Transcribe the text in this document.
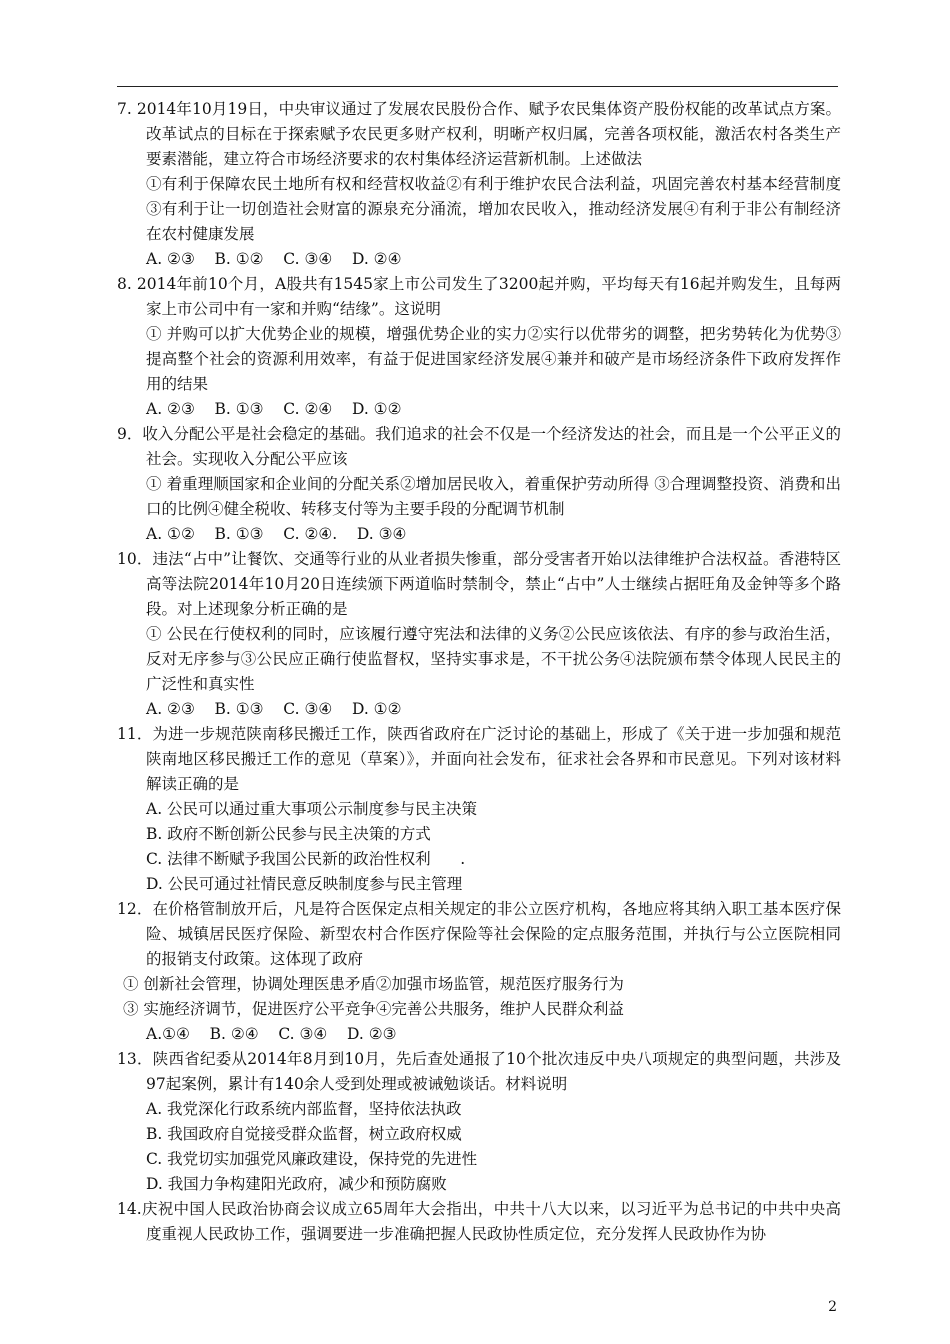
7. 2014年10月19日，中央审议通过了发展农民股份合作、赋予农民集体资产股份权能的改革试点方案。改革试点的目标在于探索赋予农民更多财产权利，明晰产权归属，完善各项权能，激活农村各类生产要素潜能，建立符合市场经济要求的农村集体经济运营新机制。上述做法
①有利于保障农民土地所有权和经营权收益②有利于维护农民合法利益，巩固完善农村基本经营制度③有利于让一切创造社会财富的源泉充分涌流，增加农民收入，推动经济发展④有利于非公有制经济在农村健康发展
A. ②③    B. ①②    C. ③④    D. ②④
8. 2014年前10个月，A股共有1545家上市公司发生了3200起并购，平均每天有16起并购发生，且每两家上市公司中有一家和并购“结缘”。这说明
① 并购可以扩大优势企业的规模，增强优势企业的实力②实行以优带劣的调整，把劣势转化为优势③提高整个社会的资源利用效率，有益于促进国家经济发展④兼并和破产是市场经济条件下政府发挥作用的结果
A. ②③    B. ①③    C. ②④    D. ①②
9．收入分配公平是社会稳定的基础。我们追求的社会不仅是一个经济发达的社会，而且是一个公平正义的社会。实现收入分配公平应该
① 着重理顺国家和企业间的分配关系②增加居民收入，着重保护劳动所得 ③合理调整投资、消费和出口的比例④健全税收、转移支付等为主要手段的分配调节机制
A. ①②    B. ①③    C. ②④.    D. ③④
10．违法“占中”让餐饮、交通等行业的从业者损失惨重，部分受害者开始以法律维护合法权益。香港特区高等法院2014年10月20日连续颁下两道临时禁制令，禁止“占中”人士继续占据旺角及金钟等多个路段。对上述现象分析正确的是
① 公民在行使权利的同时，应该履行遵守宪法和法律的义务②公民应该依法、有序的参与政治生活，反对无序参与③公民应正确行使监督权，坚持实事求是，不干扰公务④法院颁布禁令体现人民民主的广泛性和真实性
A. ②③    B. ①③    C. ③④    D. ①②
11．为进一步规范陕南移民搬迁工作，陕西省政府在广泛讨论的基础上，形成了《关于进一步加强和规范陕南地区移民搬迁工作的意见（草案）》，并面向社会发布，征求社会各界和市民意见。下列对该材料解读正确的是
A. 公民可以通过重大事项公示制度参与民主决策
B. 政府不断创新公民参与民主决策的方式
C. 法律不断赋予我国公民新的政治性权利      .
D. 公民可通过社情民意反映制度参与民主管理
12．在价格管制放开后，凡是符合医保定点相关规定的非公立医疗机构，各地应将其纳入职工基本医疗保险、城镇居民医疗保险、新型农村合作医疗保险等社会保险的定点服务范围，并执行与公立医院相同的报销支付政策。这体现了政府
① 创新社会管理，协调处理医患矛盾②加强市场监管，规范医疗服务行为
③ 实施经济调节，促进医疗公平竞争④完善公共服务，维护人民群众利益
A.①④    B. ②④    C. ③④    D. ②③
13．陕西省纪委从2014年8月到10月，先后查处通报了10个批次违反中央八项规定的典型问题，共涉及97起案例，累计有140余人受到处理或被诫勉谈话。材料说明
A. 我党深化行政系统内部监督，坚持依法执政
B. 我国政府自觉接受群众监督，树立政府权威
C. 我党切实加强党风廉政建设，保持党的先进性
D. 我国力争构建阳光政府，减少和预防腐败
14.庆祝中国人民政治协商会议成立65周年大会指出，中共十八大以来，以习近平为总书记的中共中央高度重视人民政协工作，强调要进一步准确把握人民政协性质定位，充分发挥人民政协作为协
2
